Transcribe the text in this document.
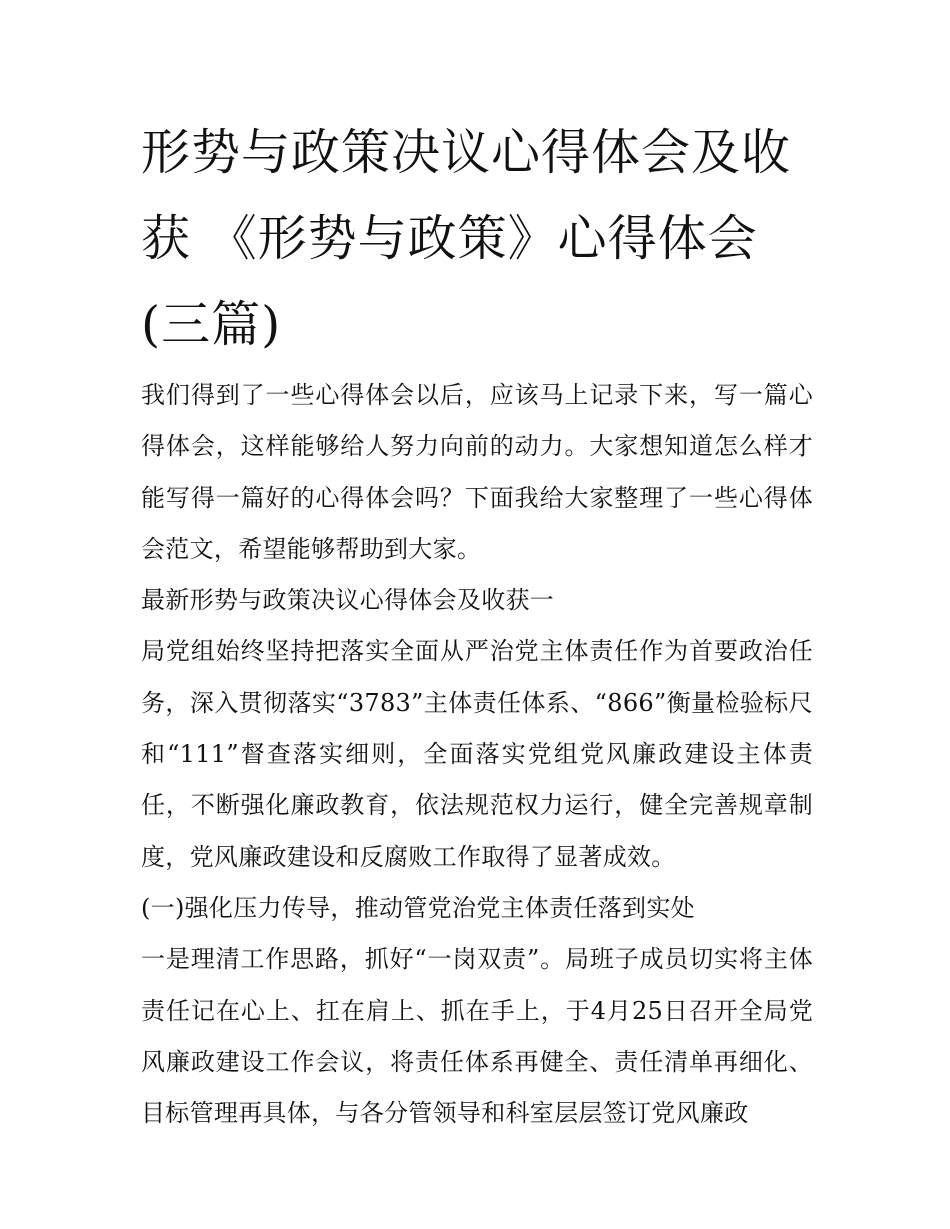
形势与政策决议心得体会及收获 《形势与政策》心得体会(三篇)

我们得到了一些心得体会以后，应该马上记录下来，写一篇心得体会，这样能够给人努力向前的动力。大家想知道怎么样才能写得一篇好的心得体会吗？下面我给大家整理了一些心得体会范文，希望能够帮助到大家。

最新形势与政策决议心得体会及收获一

局党组始终坚持把落实全面从严治党主体责任作为首要政治任务，深入贯彻落实“3783”主体责任体系、“866”衡量检验标尺和“111”督查落实细则，全面落实党组党风廉政建设主体责任，不断强化廉政教育，依法规范权力运行，健全完善规章制度，党风廉政建设和反腐败工作取得了显著成效。

(一)强化压力传导，推动管党治党主体责任落到实处

一是理清工作思路，抓好“一岗双责”。局班子成员切实将主体责任记在心上、扛在肩上、抓在手上，于4月25日召开全局党风廉政建设工作会议，将责任体系再健全、责任清单再细化、目标管理再具体，与各分管领导和科室层层签订党风廉政
